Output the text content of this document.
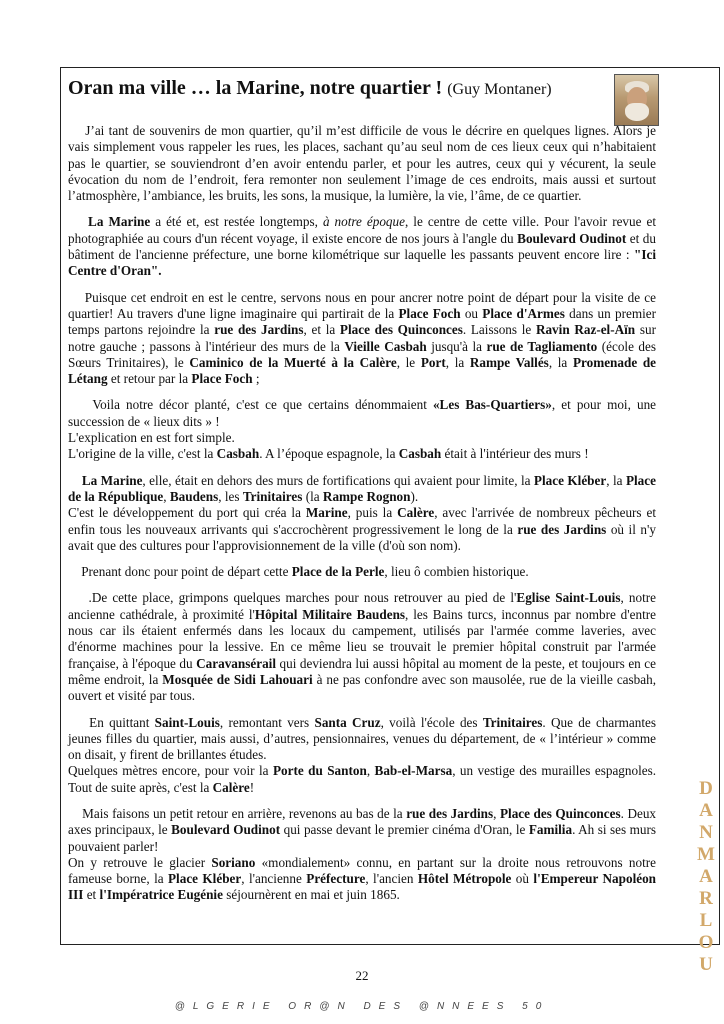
Oran ma ville … la Marine, notre quartier ! (Guy Montaner)

J’ai tant de souvenirs de mon quartier, qu’il m’est difficile de vous le décrire en quelques lignes. Alors je vais simplement vous rappeler les rues, les places, sachant qu’au seul nom de ces lieux ceux qui n’habitaient pas le quartier, se souviendront d’en avoir entendu parler, et pour les autres, ceux qui y vécurent, la seule évocation du nom de l’endroit, fera remonter non seulement l’image de ces endroits, mais aussi et surtout l’atmosphère, l’ambiance, les bruits, les sons, la musique, la lumière, la vie, l’âme, de ce quartier.

La Marine a été et, est restée longtemps, à notre époque, le centre de cette ville. Pour l'avoir revue et photographiée au cours d'un récent voyage, il existe encore de nos jours à l'angle du Boulevard Oudinot et du bâtiment de l'ancienne préfecture, une borne kilométrique sur laquelle les passants peuvent encore lire : "Ici Centre d'Oran".

Puisque cet endroit en est le centre, servons nous en pour ancrer notre point de départ pour la visite de ce quartier! Au travers d'une ligne imaginaire qui partirait de la Place Foch ou Place d'Armes dans un premier temps partons rejoindre la rue des Jardins, et la Place des Quinconces. Laissons le Ravin Raz-el-Aïn sur notre gauche ; passons à l'intérieur des murs de la Vieille Casbah jusqu'à la rue de Tagliamento (école des Sœurs Trinitaires), le Caminico de la Muerté à la Calère, le Port, la Rampe Vallés, la Promenade de Létang et retour par la Place Foch ;

Voila notre décor planté, c'est ce que certains dénommaient «Les Bas-Quartiers», et pour moi, une succession de « lieux dits » !
L'explication en est fort simple.
L'origine de la ville, c'est la Casbah. A l’époque espagnole, la Casbah était à l'intérieur des murs !

La Marine, elle, était en dehors des murs de fortifications qui avaient pour limite, la Place Kléber, la Place de la République, Baudens, les Trinitaires (la Rampe Rognon).
C'est le développement du port qui créa la Marine, puis la Calère, avec l'arrivée de nombreux pêcheurs et enfin tous les nouveaux arrivants qui s'accrochèrent progressivement le long de la rue des Jardins où il n'y avait que des cultures pour l'approvisionnement de la ville (d'où son nom).

Prenant donc pour point de départ cette Place de la Perle, lieu ô combien historique.

.De cette place, grimpons quelques marches pour nous retrouver au pied de l'Eglise Saint-Louis, notre ancienne cathédrale, à proximité l'Hôpital Militaire Baudens, les Bains turcs, inconnus par nombre d'entre nous car ils étaient enfermés dans les locaux du campement, utilisés par l'armée comme laveries, avec d'énorme machines pour la lessive. En ce même lieu se trouvait le premier hôpital construit par l'armée française, à l'époque du Caravansérail qui deviendra lui aussi hôpital au moment de la peste, et toujours en ce même endroit, la Mosquée de Sidi Lahouari à ne pas confondre avec son mausolée, rue de la vieille casbah, ouvert et visité par tous.

En quittant Saint-Louis, remontant vers Santa Cruz, voilà l'école des Trinitaires. Que de charmantes jeunes filles du quartier, mais aussi, d’autres, pensionnaires, venues du département, de « l’intérieur » comme on disait, y firent de brillantes études.
Quelques mètres encore, pour voir la Porte du Santon, Bab-el-Marsa, un vestige des murailles espagnoles. Tout de suite après, c'est la Calère!

Mais faisons un petit retour en arrière, revenons au bas de la rue des Jardins, Place des Quinconces. Deux axes principaux, le Boulevard Oudinot qui passe devant le premier cinéma d'Oran, le Familia. Ah si ses murs pouvaient parler!
On y retrouve le glacier Soriano «mondialement» connu, en partant sur la droite nous retrouvons notre fameuse borne, la Place Kléber, l'ancienne Préfecture, l'ancien Hôtel Métropole où l'Empereur Napoléon III et l'Impératrice Eugénie séjournèrent en mai et juin 1865.

22
@LGERIE OR@N DES @NNEES 50
D
A
N
M
A
R
L
O
U
